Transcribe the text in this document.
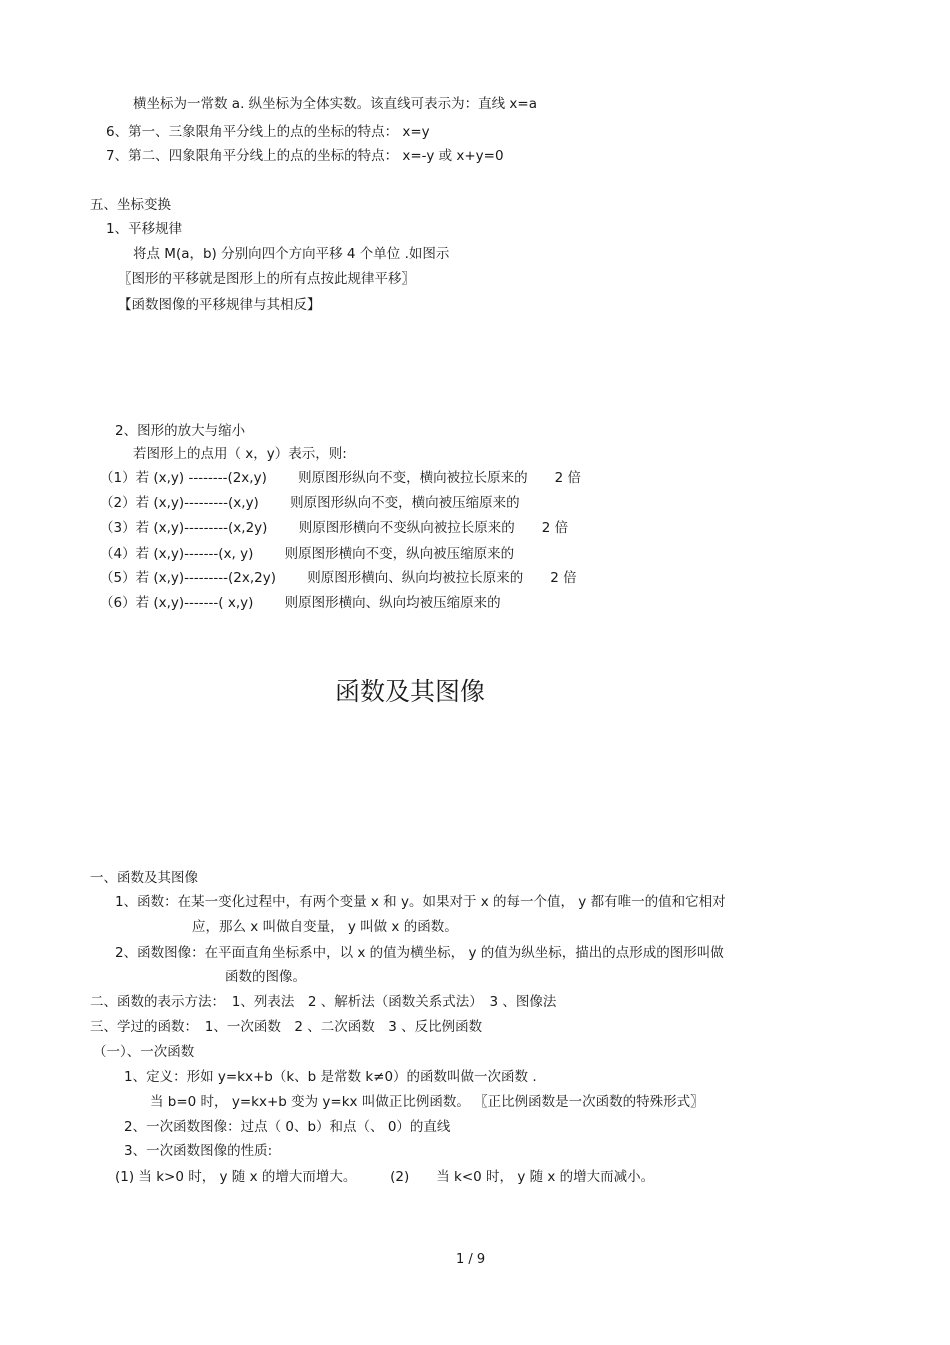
横坐标为一常数 a. 纵坐标为全体实数。该直线可表示为：直线 x=a
6、第一、三象限角平分线上的点的坐标的特点： x=y
7、第二、四象限角平分线上的点的坐标的特点： x=-y 或 x+y=0
五、坐标变换
1、平移规律
将点 M(a，b) 分别向四个方向平移 4 个单位 .如图示
〖图形的平移就是图形上的所有点按此规律平移〗
【函数图像的平移规律与其相反】
2、图形的放大与缩小
若图形上的点用（ x，y）表示，则:
（1）若 (x,y) --------(2x,y)　　 则原图形纵向不变，横向被拉长原来的　　2 倍
（2）若 (x,y)---------(x,y)　　 则原图形纵向不变，横向被压缩原来的
（3）若 (x,y)---------(x,2y)　　 则原图形横向不变纵向被拉长原来的　　2 倍
（4）若 (x,y)-------(x, y)　　 则原图形横向不变，纵向被压缩原来的
（5）若 (x,y)---------(2x,2y)　　 则原图形横向、纵向均被拉长原来的　　2 倍
（6）若 (x,y)-------( x,y)　　 则原图形横向、纵向均被压缩原来的
函数及其图像
一、函数及其图像
1、函数：在某一变化过程中，有两个变量 x 和 y。如果对于 x 的每一个值， y 都有唯一的值和它相对
应，那么 x 叫做自变量， y 叫做 x 的函数。
2、函数图像：在平面直角坐标系中，以 x 的值为横坐标， y 的值为纵坐标，描出的点形成的图形叫做
函数的图像。
二、函数的表示方法：　1、列表法　2 、解析法（函数关系式法）　3 、图像法
三、学过的函数：　1、一次函数　2 、二次函数　3 、反比例函数
（一）、一次函数
1、定义：形如 y=kx+b（k、b 是常数 k≠0）的函数叫做一次函数 .
当 b=0 时， y=kx+b 变为 y=kx 叫做正比例函数。 〖正比例函数是一次函数的特殊形式〗
2、一次函数图像：过点（ 0、b）和点（、 0）的直线
3、一次函数图像的性质:
(1) 当 k>0 时， y 随 x 的增大而增大。　　　(2)　　当 k<0 时， y 随 x 的增大而减小。
1 / 9
